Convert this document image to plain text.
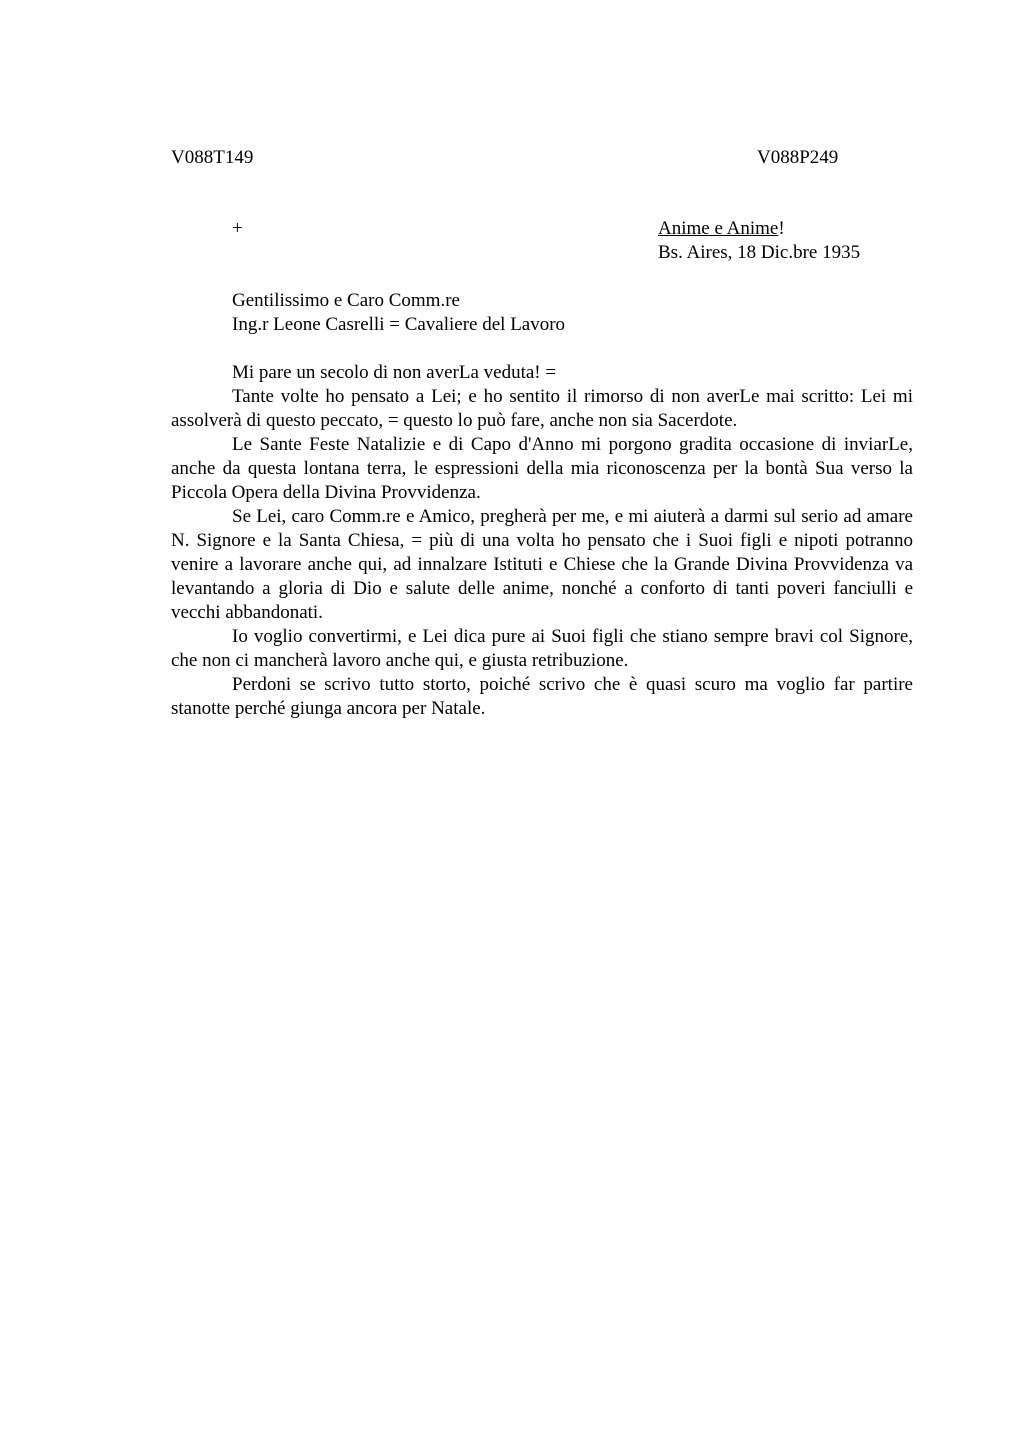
V088T149	V088P249
+	Anime e Anime!
Bs. Aires, 18 Dic.bre 1935
Gentilissimo e Caro Comm.re
Ing.r Leone Casrelli = Cavaliere del Lavoro

Mi pare un secolo di non averLa veduta! =

Tante volte ho pensato a Lei; e ho sentito il rimorso di non averLe mai scritto: Lei mi assolverà di questo peccato, = questo lo può fare, anche non sia Sacerdote.

Le Sante Feste Natalizie e di Capo d'Anno mi porgono gradita occasione di inviarLe, anche da questa lontana terra, le espressioni della mia riconoscenza per la bontà Sua verso la Piccola Opera della Divina Provvidenza.

Se Lei, caro Comm.re e Amico, pregherà per me, e mi aiuterà a darmi sul serio ad amare N. Signore e la Santa Chiesa, = più di una volta ho pensato che i Suoi figli e nipoti potranno venire a lavorare anche qui, ad innalzare Istituti e Chiese che la Grande Divina Provvidenza va levantando a gloria di Dio e salute delle anime, nonché a conforto di tanti poveri fanciulli e vecchi abbandonati.

Io voglio convertirmi, e Lei dica pure ai Suoi figli che stiano sempre bravi col Signore, che non ci mancherà lavoro anche qui, e giusta retribuzione.

Perdoni se scrivo tutto storto, poiché scrivo che è quasi scuro ma voglio far partire stanotte perché giunga ancora per Natale.
